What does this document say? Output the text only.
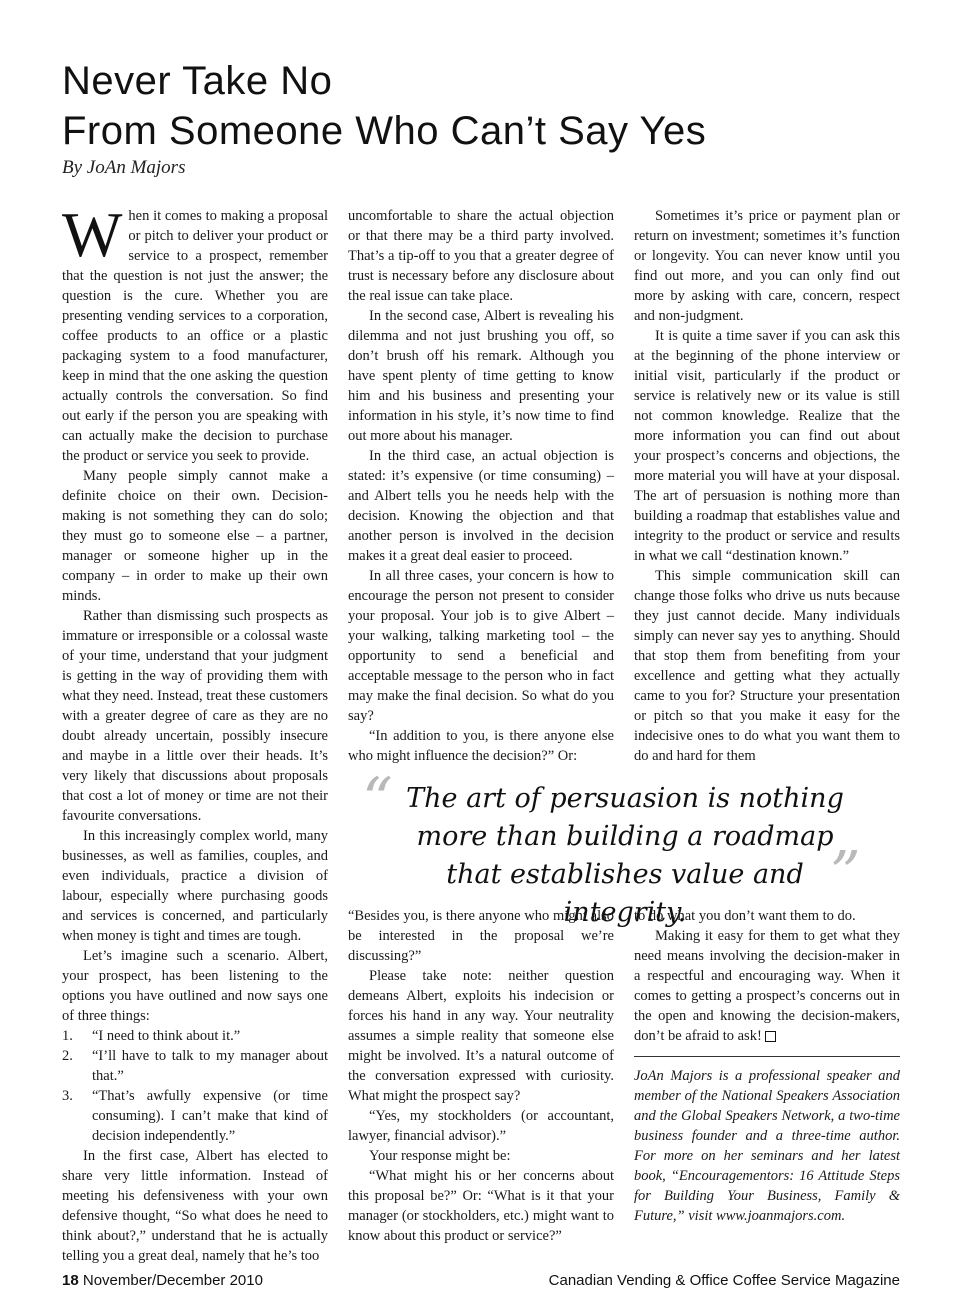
Never Take No
From Someone Who Can’t Say Yes
By JoAn Majors

When it comes to making a proposal or pitch to deliver your product or service to a prospect, remember that the question is not just the answer; the question is the cure. Whether you are presenting vending services to a corporation, coffee products to an office or a plastic packaging system to a food manufacturer, keep in mind that the one asking the question actually controls the conversation. So find out early if the person you are speaking with can actually make the decision to purchase the product or service you seek to provide.

Many people simply cannot make a definite choice on their own. Decision-making is not something they can do solo; they must go to someone else – a partner, manager or someone higher up in the company – in order to make up their own minds.

Rather than dismissing such prospects as immature or irresponsible or a colossal waste of your time, understand that your judgment is getting in the way of providing them with what they need. Instead, treat these customers with a greater degree of care as they are no doubt already uncertain, possibly insecure and maybe in a little over their heads. It’s very likely that discussions about proposals that cost a lot of money or time are not their favourite conversations.

In this increasingly complex world, many businesses, as well as families, couples, and even individuals, practice a division of labour, especially where purchasing goods and services is concerned, and particularly when money is tight and times are tough.

Let’s imagine such a scenario. Albert, your prospect, has been listening to the options you have outlined and now says one of three things:

1. “I need to think about it.”
2. “I’ll have to talk to my manager about that.”
3. “That’s awfully expensive (or time consuming). I can’t make that kind of decision independently.”

In the first case, Albert has elected to share very little information. Instead of meeting his defensiveness with your own defensive thought, “So what does he need to think about?,” understand that he is actually telling you a great deal, namely that he’s too

uncomfortable to share the actual objection or that there may be a third party involved. That’s a tip-off to you that a greater degree of trust is necessary before any disclosure about the real issue can take place.

In the second case, Albert is revealing his dilemma and not just brushing you off, so don’t brush off his remark. Although you have spent plenty of time getting to know him and his business and presenting your information in his style, it’s now time to find out more about his manager.

In the third case, an actual objection is stated: it’s expensive (or time consuming) – and Albert tells you he needs help with the decision. Knowing the objection and that another person is involved in the decision makes it a great deal easier to proceed.

In all three cases, your concern is how to encourage the person not present to consider your proposal. Your job is to give Albert – your walking, talking marketing tool – the opportunity to send a beneficial and acceptable message to the person who in fact may make the final decision. So what do you say?

“In addition to you, is there anyone else who might influence the decision?” Or:

Sometimes it’s price or payment plan or return on investment; sometimes it’s function or longevity. You can never know until you find out more, and you can only find out more by asking with care, concern, respect and non-judgment.

It is quite a time saver if you can ask this at the beginning of the phone interview or initial visit, particularly if the product or service is relatively new or its value is still not common knowledge. Realize that the more information you can find out about your prospect’s concerns and objections, the more material you will have at your disposal. The art of persuasion is nothing more than building a roadmap that establishes value and integrity to the product or service and results in what we call “destination known.”

This simple communication skill can change those folks who drive us nuts because they just cannot decide. Many individuals simply can never say yes to anything. Should that stop them from benefiting from your excellence and getting what they actually came to you for? Structure your presentation or pitch so that you make it easy for the indecisive ones to do what you want them to do and hard for them

“ The art of persuasion is nothing more than building a roadmap that establishes value and integrity.
”

“Besides you, is there anyone who might also be interested in the proposal we’re discussing?”

Please take note: neither question demeans Albert, exploits his indecision or forces his hand in any way. Your neutrality assumes a simple reality that someone else might be involved. It’s a natural outcome of the conversation expressed with curiosity. What might the prospect say?

“Yes, my stockholders (or accountant, lawyer, financial advisor).”

Your response might be:

“What might his or her concerns about this proposal be?” Or: “What is it that your manager (or stockholders, etc.) might want to know about this product or service?”

to do what you don’t want them to do.

Making it easy for them to get what they need means involving the decision-maker in a respectful and encouraging way. When it comes to getting a prospect’s concerns out in the open and knowing the decision-makers, don’t be afraid to ask!

JoAn Majors is a professional speaker and member of the National Speakers Association and the Global Speakers Network, a two-time business founder and a three-time author. For more on her seminars and her latest book, “Encouragementors: 16 Attitude Steps for Building Your Business, Family & Future,” visit www.joanmajors.com.
18 November/December 2010	Canadian Vending & Office Coffee Service Magazine
